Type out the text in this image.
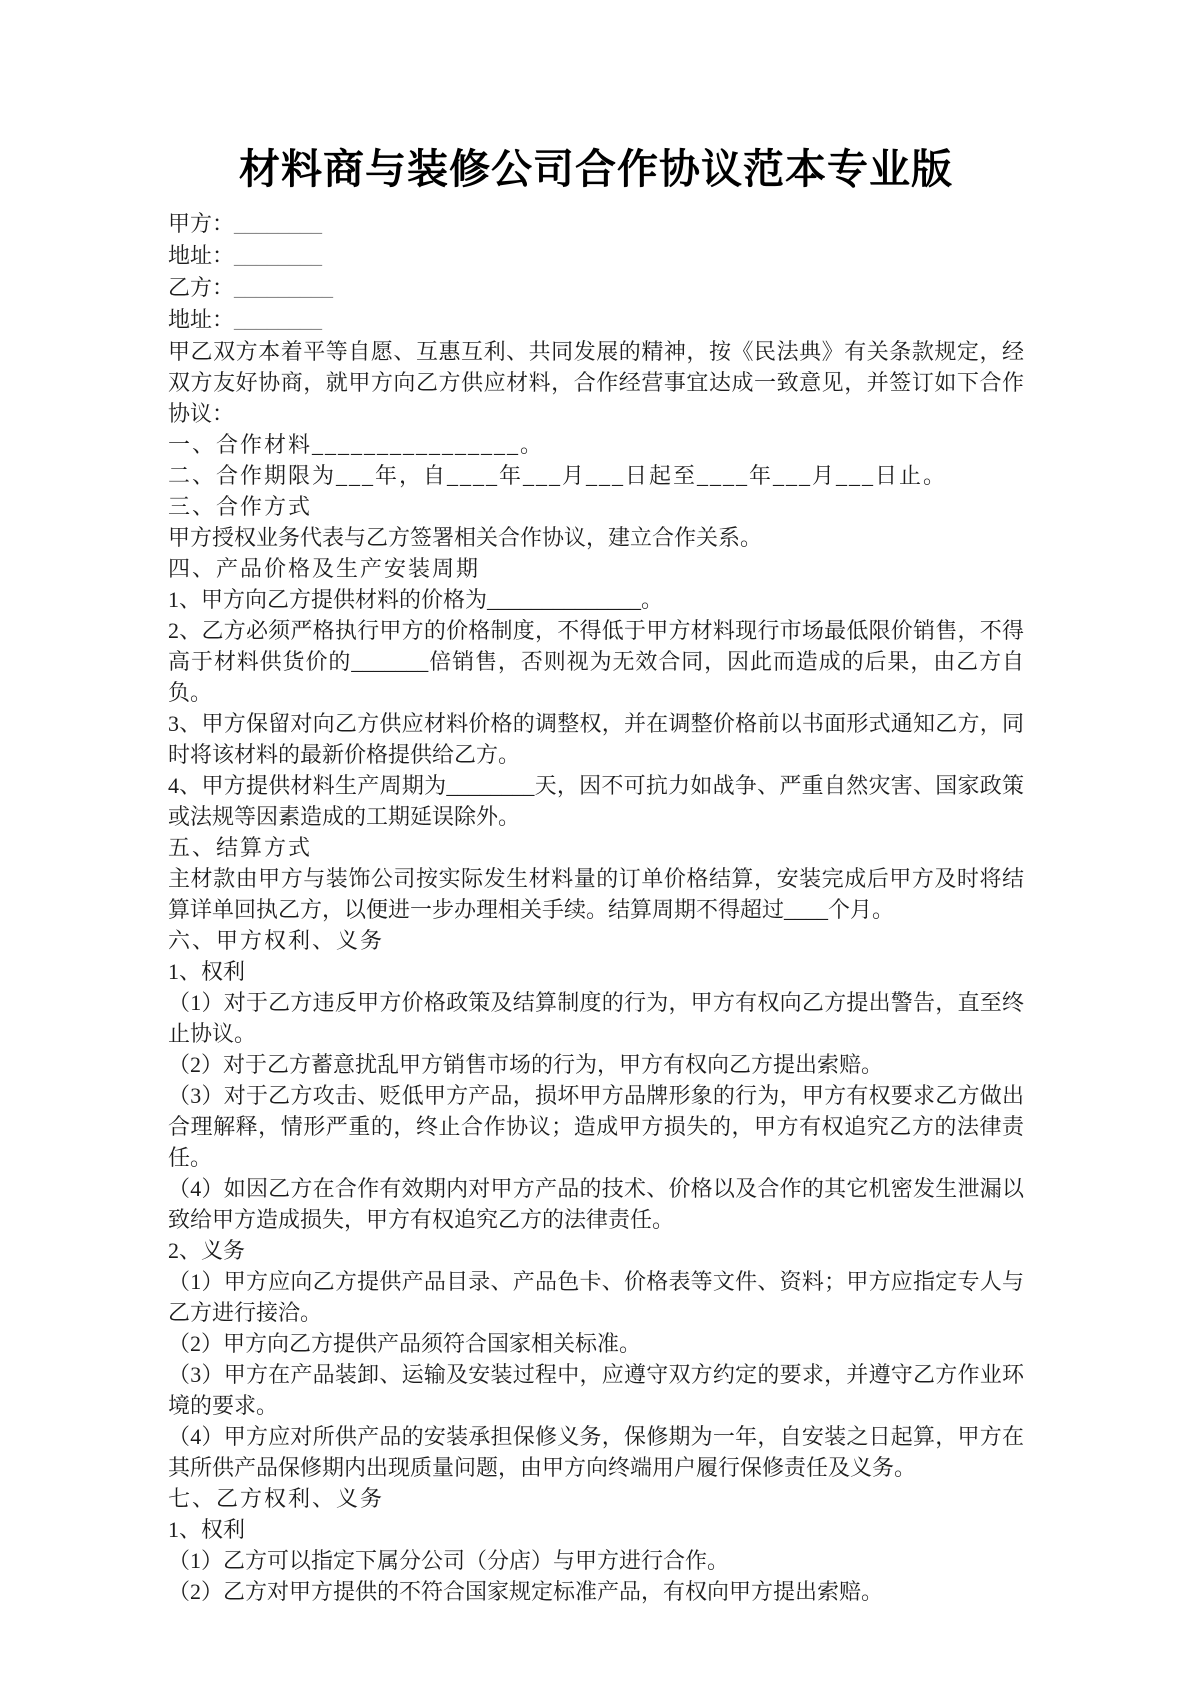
材料商与装修公司合作协议范本专业版

甲方：________

地址：________

乙方：_________

地址：________

甲乙双方本着平等自愿、互惠互利、共同发展的精神，按《民法典》有关条款规定，经双方友好协商，就甲方向乙方供应材料，合作经营事宜达成一致意见，并签订如下合作协议：

一、合作材料________________。

二、合作期限为___年，自____年___月___日起至____年___月___日止。

三、合作方式

甲方授权业务代表与乙方签署相关合作协议，建立合作关系。

四、产品价格及生产安装周期

1、甲方向乙方提供材料的价格为______________。

2、乙方必须严格执行甲方的价格制度，不得低于甲方材料现行市场最低限价销售，不得高于材料供货价的_______倍销售，否则视为无效合同，因此而造成的后果，由乙方自负。

3、甲方保留对向乙方供应材料价格的调整权，并在调整价格前以书面形式通知乙方，同时将该材料的最新价格提供给乙方。

4、甲方提供材料生产周期为________天，因不可抗力如战争、严重自然灾害、国家政策或法规等因素造成的工期延误除外。

五、结算方式

主材款由甲方与装饰公司按实际发生材料量的订单价格结算，安装完成后甲方及时将结算详单回执乙方，以便进一步办理相关手续。结算周期不得超过____个月。

六、甲方权利、义务

1、权利

（1）对于乙方违反甲方价格政策及结算制度的行为，甲方有权向乙方提出警告，直至终止协议。

（2）对于乙方蓄意扰乱甲方销售市场的行为，甲方有权向乙方提出索赔。

（3）对于乙方攻击、贬低甲方产品，损坏甲方品牌形象的行为，甲方有权要求乙方做出合理解释，情形严重的，终止合作协议；造成甲方损失的，甲方有权追究乙方的法律责任。

（4）如因乙方在合作有效期内对甲方产品的技术、价格以及合作的其它机密发生泄漏以致给甲方造成损失，甲方有权追究乙方的法律责任。

2、义务

（1）甲方应向乙方提供产品目录、产品色卡、价格表等文件、资料；甲方应指定专人与乙方进行接洽。

（2）甲方向乙方提供产品须符合国家相关标准。

（3）甲方在产品装卸、运输及安装过程中，应遵守双方约定的要求，并遵守乙方作业环境的要求。

（4）甲方应对所供产品的安装承担保修义务，保修期为一年，自安装之日起算，甲方在其所供产品保修期内出现质量问题，由甲方向终端用户履行保修责任及义务。

七、乙方权利、义务

1、权利

（1）乙方可以指定下属分公司（分店）与甲方进行合作。

（2）乙方对甲方提供的不符合国家规定标准产品，有权向甲方提出索赔。
